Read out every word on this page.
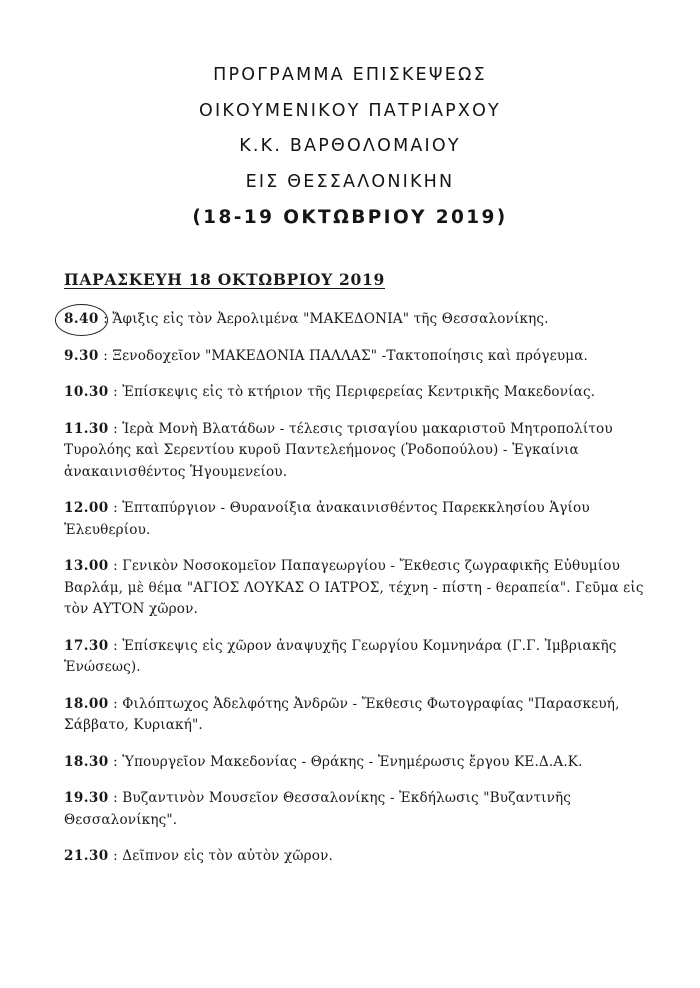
ΠΡΟΓΡΑΜΜΑ ΕΠΙΣΚΕΨΕΩΣ
ΟΙΚΟΥΜΕΝΙΚΟΥ ΠΑΤΡΙΑΡΧΟΥ
Κ.Κ. ΒΑΡΘΟΛΟΜΑΙΟΥ
ΕΙΣ ΘΕΣΣΑΛΟΝΙΚΗΝ
(18-19 ΟΚΤΩΒΡΙΟΥ 2019)
ΠΑΡΑΣΚΕΥΗ 18 ΟΚΤΩΒΡΙΟΥ 2019
8.40 : Ἄφιξις εἰς τὸν Ἀερολιμένα "ΜΑΚΕΔΟΝΙΑ" τῆς Θεσσαλονίκης.
9.30 : Ξενοδοχεῖον "ΜΑΚΕΔΟΝΙΑ ΠΑΛΛΑΣ" -Τακτοποίησις καὶ πρόγευμα.
10.30 : Ἐπίσκεψις εἰς τὸ κτήριον τῆς Περιφερείας Κεντρικῆς Μακεδονίας.
11.30 : Ἱερὰ Μονὴ Βλατάδων - τέλεσις τρισαγίου μακαριστοῦ Μητροπολίτου Τυρολόης καὶ Σερεντίου κυροῦ Παντελεήμονος (Ῥοδοπούλου) - Ἐγκαίνια ἀνακαινισθέντος Ἡγουμενείου.
12.00 : Ἑπταπύργιον - Θυρανοίξια ἀνακαινισθέντος Παρεκκλησίου Ἁγίου Ἐλευθερίου.
13.00 : Γενικὸν Νοσοκομεῖον Παπαγεωργίου - Ἔκθεσις ζωγραφικῆς Εὐθυμίου Βαρλάμ, μὲ θέμα "ΑΓΙΟΣ ΛΟΥΚΑΣ Ο ΙΑΤΡΟΣ, τέχνη - πίστη - θεραπεία". Γεῦμα εἰς τὸν ΑΥΤΟΝ χῶρον.
17.30 : Ἐπίσκεψις εἰς χῶρον ἀναψυχῆς Γεωργίου Κομνηνάρα (Γ.Γ. Ἰμβριακῆς Ἑνώσεως).
18.00 : Φιλόπτωχος Ἀδελφότης Ἀνδρῶν - Ἔκθεσις Φωτογραφίας "Παρασκευή, Σάββατο, Κυριακή".
18.30 : Ὑπουργεῖον Μακεδονίας - Θράκης - Ἐνημέρωσις ἔργου ΚΕ.Δ.Α.Κ.
19.30 : Βυζαντινὸν Μουσεῖον Θεσσαλονίκης - Ἐκδήλωσις "Βυζαντινῆς Θεσσαλονίκης".
21.30 : Δεῖπνον εἰς τὸν αὐτὸν χῶρον.
